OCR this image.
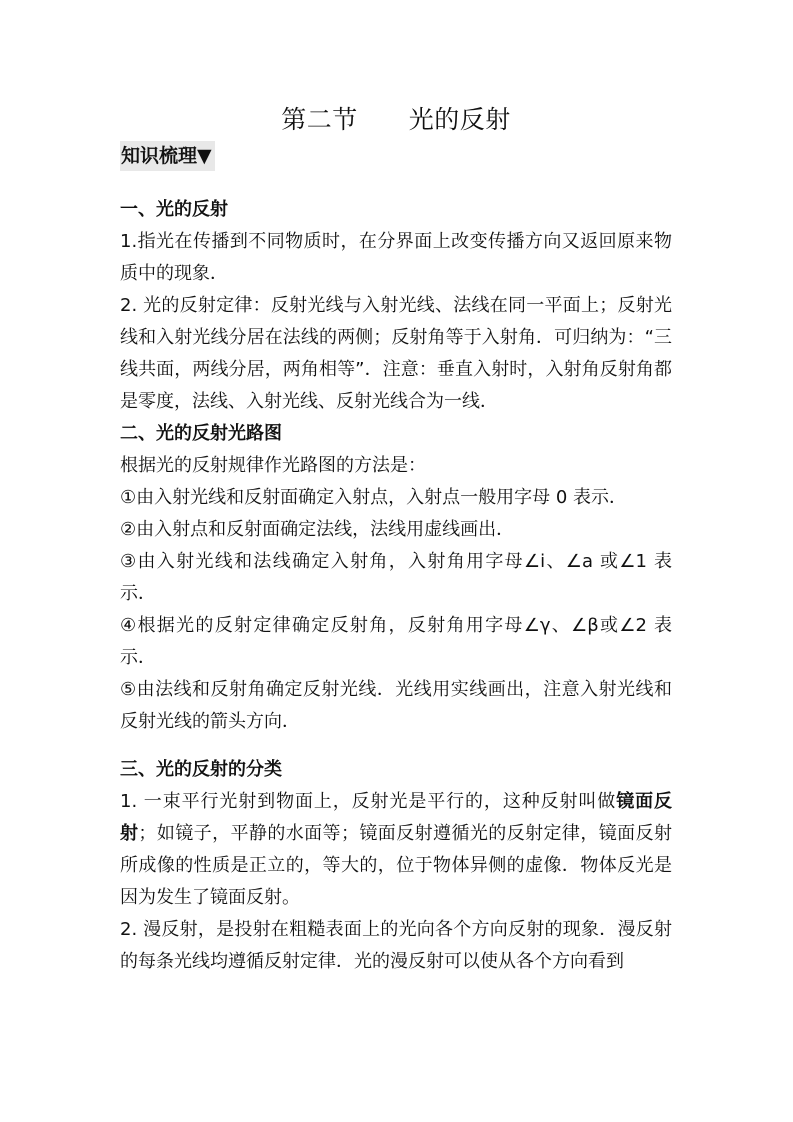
第二节　　光的反射
知识梳理▼
一、光的反射
1.指光在传播到不同物质时，在分界面上改变传播方向又返回原来物质中的现象．
2. 光的反射定律：反射光线与入射光线、法线在同一平面上；反射光线和入射光线分居在法线的两侧；反射角等于入射角．可归纳为：“三线共面，两线分居，两角相等”．注意：垂直入射时，入射角反射角都是零度，法线、入射光线、反射光线合为一线．
二、光的反射光路图
根据光的反射规律作光路图的方法是：
①由入射光线和反射面确定入射点，入射点一般用字母 0 表示．
②由入射点和反射面确定法线，法线用虚线画出．
③由入射光线和法线确定入射角，入射角用字母∠i、∠a 或∠1 表示．
④根据光的反射定律确定反射角，反射角用字母∠γ、∠β或∠2 表示．
⑤由法线和反射角确定反射光线．光线用实线画出，注意入射光线和反射光线的箭头方向．
三、光的反射的分类
1. 一束平行光射到物面上，反射光是平行的，这种反射叫做镜面反射；如镜子，平静的水面等；镜面反射遵循光的反射定律，镜面反射所成像的性质是正立的，等大的，位于物体异侧的虚像．物体反光是因为发生了镜面反射。
2. 漫反射，是投射在粗糙表面上的光向各个方向反射的现象．漫反射的每条光线均遵循反射定律．光的漫反射可以使从各个方向看到
